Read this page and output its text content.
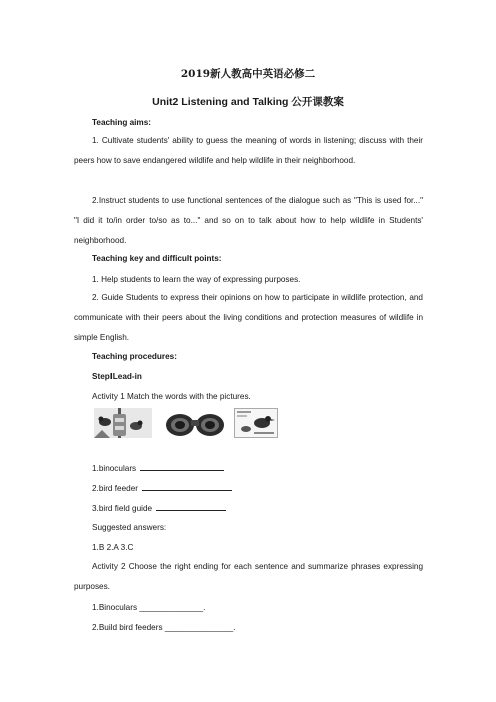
2019新人教高中英语必修二
Unit2 Listening and Talking 公开课教案
Teaching aims:
1. Cultivate students' ability to guess the meaning of words in listening; discuss with their peers how to save endangered wildlife and help wildlife in their neighborhood.
2.Instruct students to use functional sentences of the dialogue such as "This is used for..." "I did it to/in order to/so as to..." and so on to talk about how to help wildlife in Students' neighborhood.
Teaching key and difficult points:
1. Help students to learn the way of expressing purposes.
2. Guide Students to express their opinions on how to participate in wildlife protection, and communicate with their peers about the living conditions and protection measures of wildlife in simple English.
Teaching procedures:
StepⅠLead-in
Activity 1 Match the words with the pictures.
1.binoculars
2.bird feeder
3.bird field guide
Suggested answers:
1.B 2.A 3.C
Activity 2 Choose the right ending for each sentence and summarize phrases expressing purposes.
1.Binoculars ______________.
2.Build bird feeders _______________.
